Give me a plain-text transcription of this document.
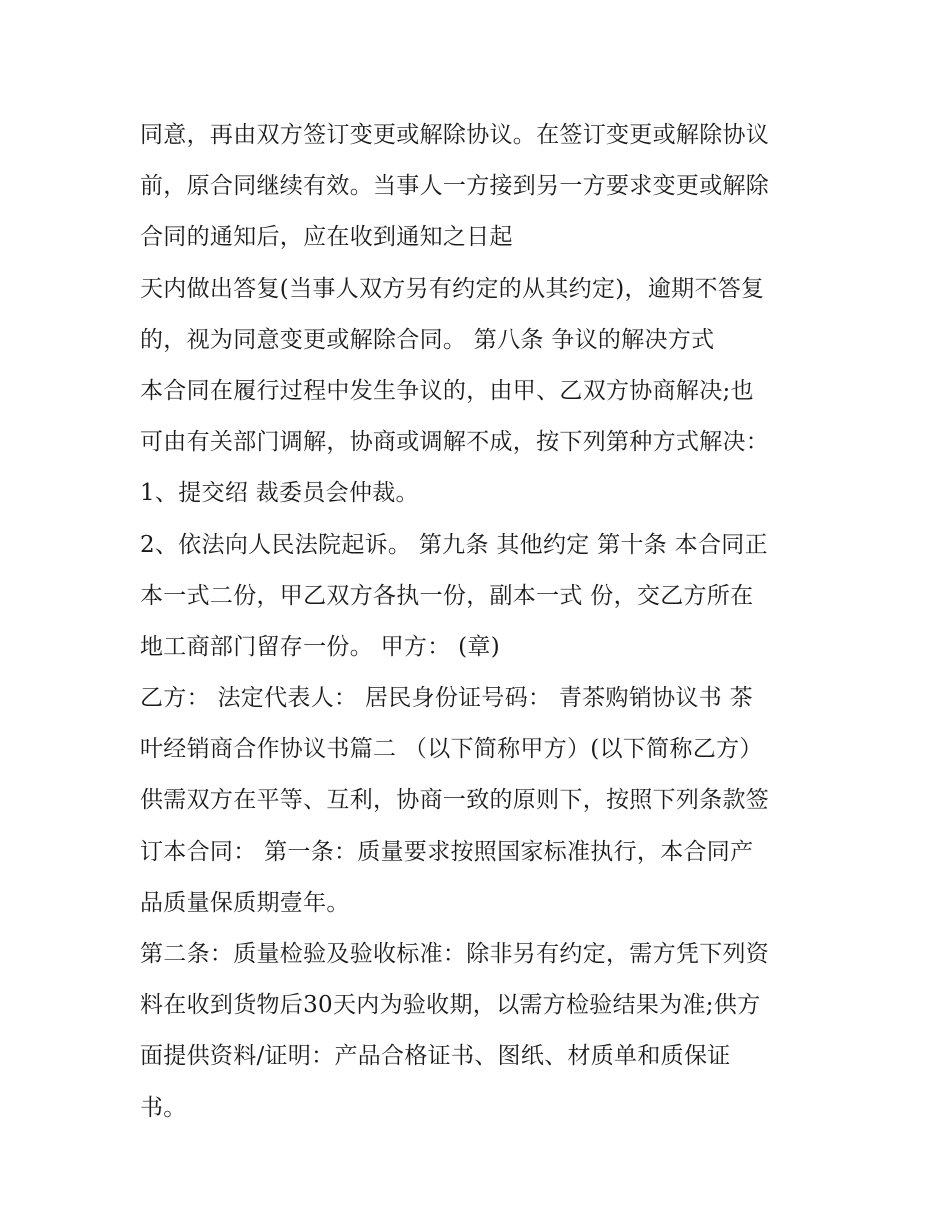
同意，再由双方签订变更或解除协议。在签订变更或解除协议
前，原合同继续有效。当事人一方接到另一方要求变更或解除
合同的通知后，应在收到通知之日起
天内做出答复(当事人双方另有约定的从其约定)，逾期不答复
的，视为同意变更或解除合同。 第八条 争议的解决方式
本合同在履行过程中发生争议的，由甲、乙双方协商解决;也
可由有关部门调解，协商或调解不成，按下列第种方式解决：
1、提交绍 裁委员会仲裁。
2、依法向人民法院起诉。 第九条 其他约定 第十条 本合同正
本一式二份，甲乙双方各执一份，副本一式 份，交乙方所在
地工商部门留存一份。 甲方： (章)
乙方： 法定代表人： 居民身份证号码： 青茶购销协议书 茶
叶经销商合作协议书篇二 （以下简称甲方）(以下简称乙方）
供需双方在平等、互利，协商一致的原则下，按照下列条款签
订本合同： 第一条：质量要求按照国家标准执行，本合同产
品质量保质期壹年。
第二条：质量检验及验收标准：除非另有约定，需方凭下列资
料在收到货物后30天内为验收期，以需方检验结果为准;供方
面提供资料/证明：产品合格证书、图纸、材质单和质保证
书。
